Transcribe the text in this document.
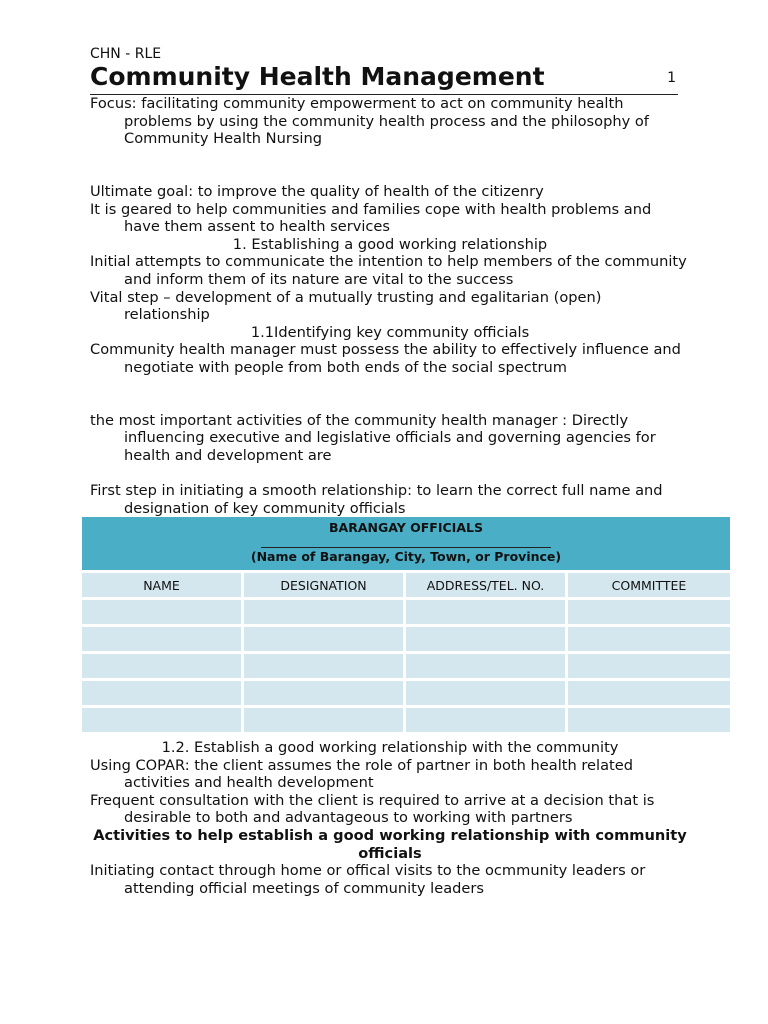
CHN - RLE
Community Health Management	1

Focus: facilitating community empowerment to act on community health problems by using the community health process and the philosophy of Community Health Nursing

Ultimate goal: to improve the quality of health of the citizenry

It is geared to help communities and families cope with health problems and have them assent to health services

1. Establishing a good working relationship

Initial attempts to communicate the intention to help members of the community and inform them of its nature are vital to the success

Vital step – development of a mutually trusting and egalitarian (open) relationship

1.1Identifying key community officials

Community health manager must possess the ability to effectively influence and negotiate with people from both ends of the social spectrum

the most important activities of the community health manager : Directly influencing executive and legislative officials and governing agencies for health and development are

First step in initiating a smooth relationship: to learn the correct full name and designation of key community officials

BARANGAY OFFICIALS
(Name of Barangay, City, Town, or Province)			

NAME	DESIGNATION	ADDRESS/TEL. NO.	COMMITTEE

1.2. Establish a good working relationship with the community

Using COPAR: the client assumes the role of partner in both health related activities and health development

Frequent consultation with the client is required to arrive at a decision that is desirable to both and advantageous to working with partners

Activities to help establish a good working relationship with community officials

Initiating contact through home or offical visits to the ocmmunity leaders or attending official meetings of community leaders
